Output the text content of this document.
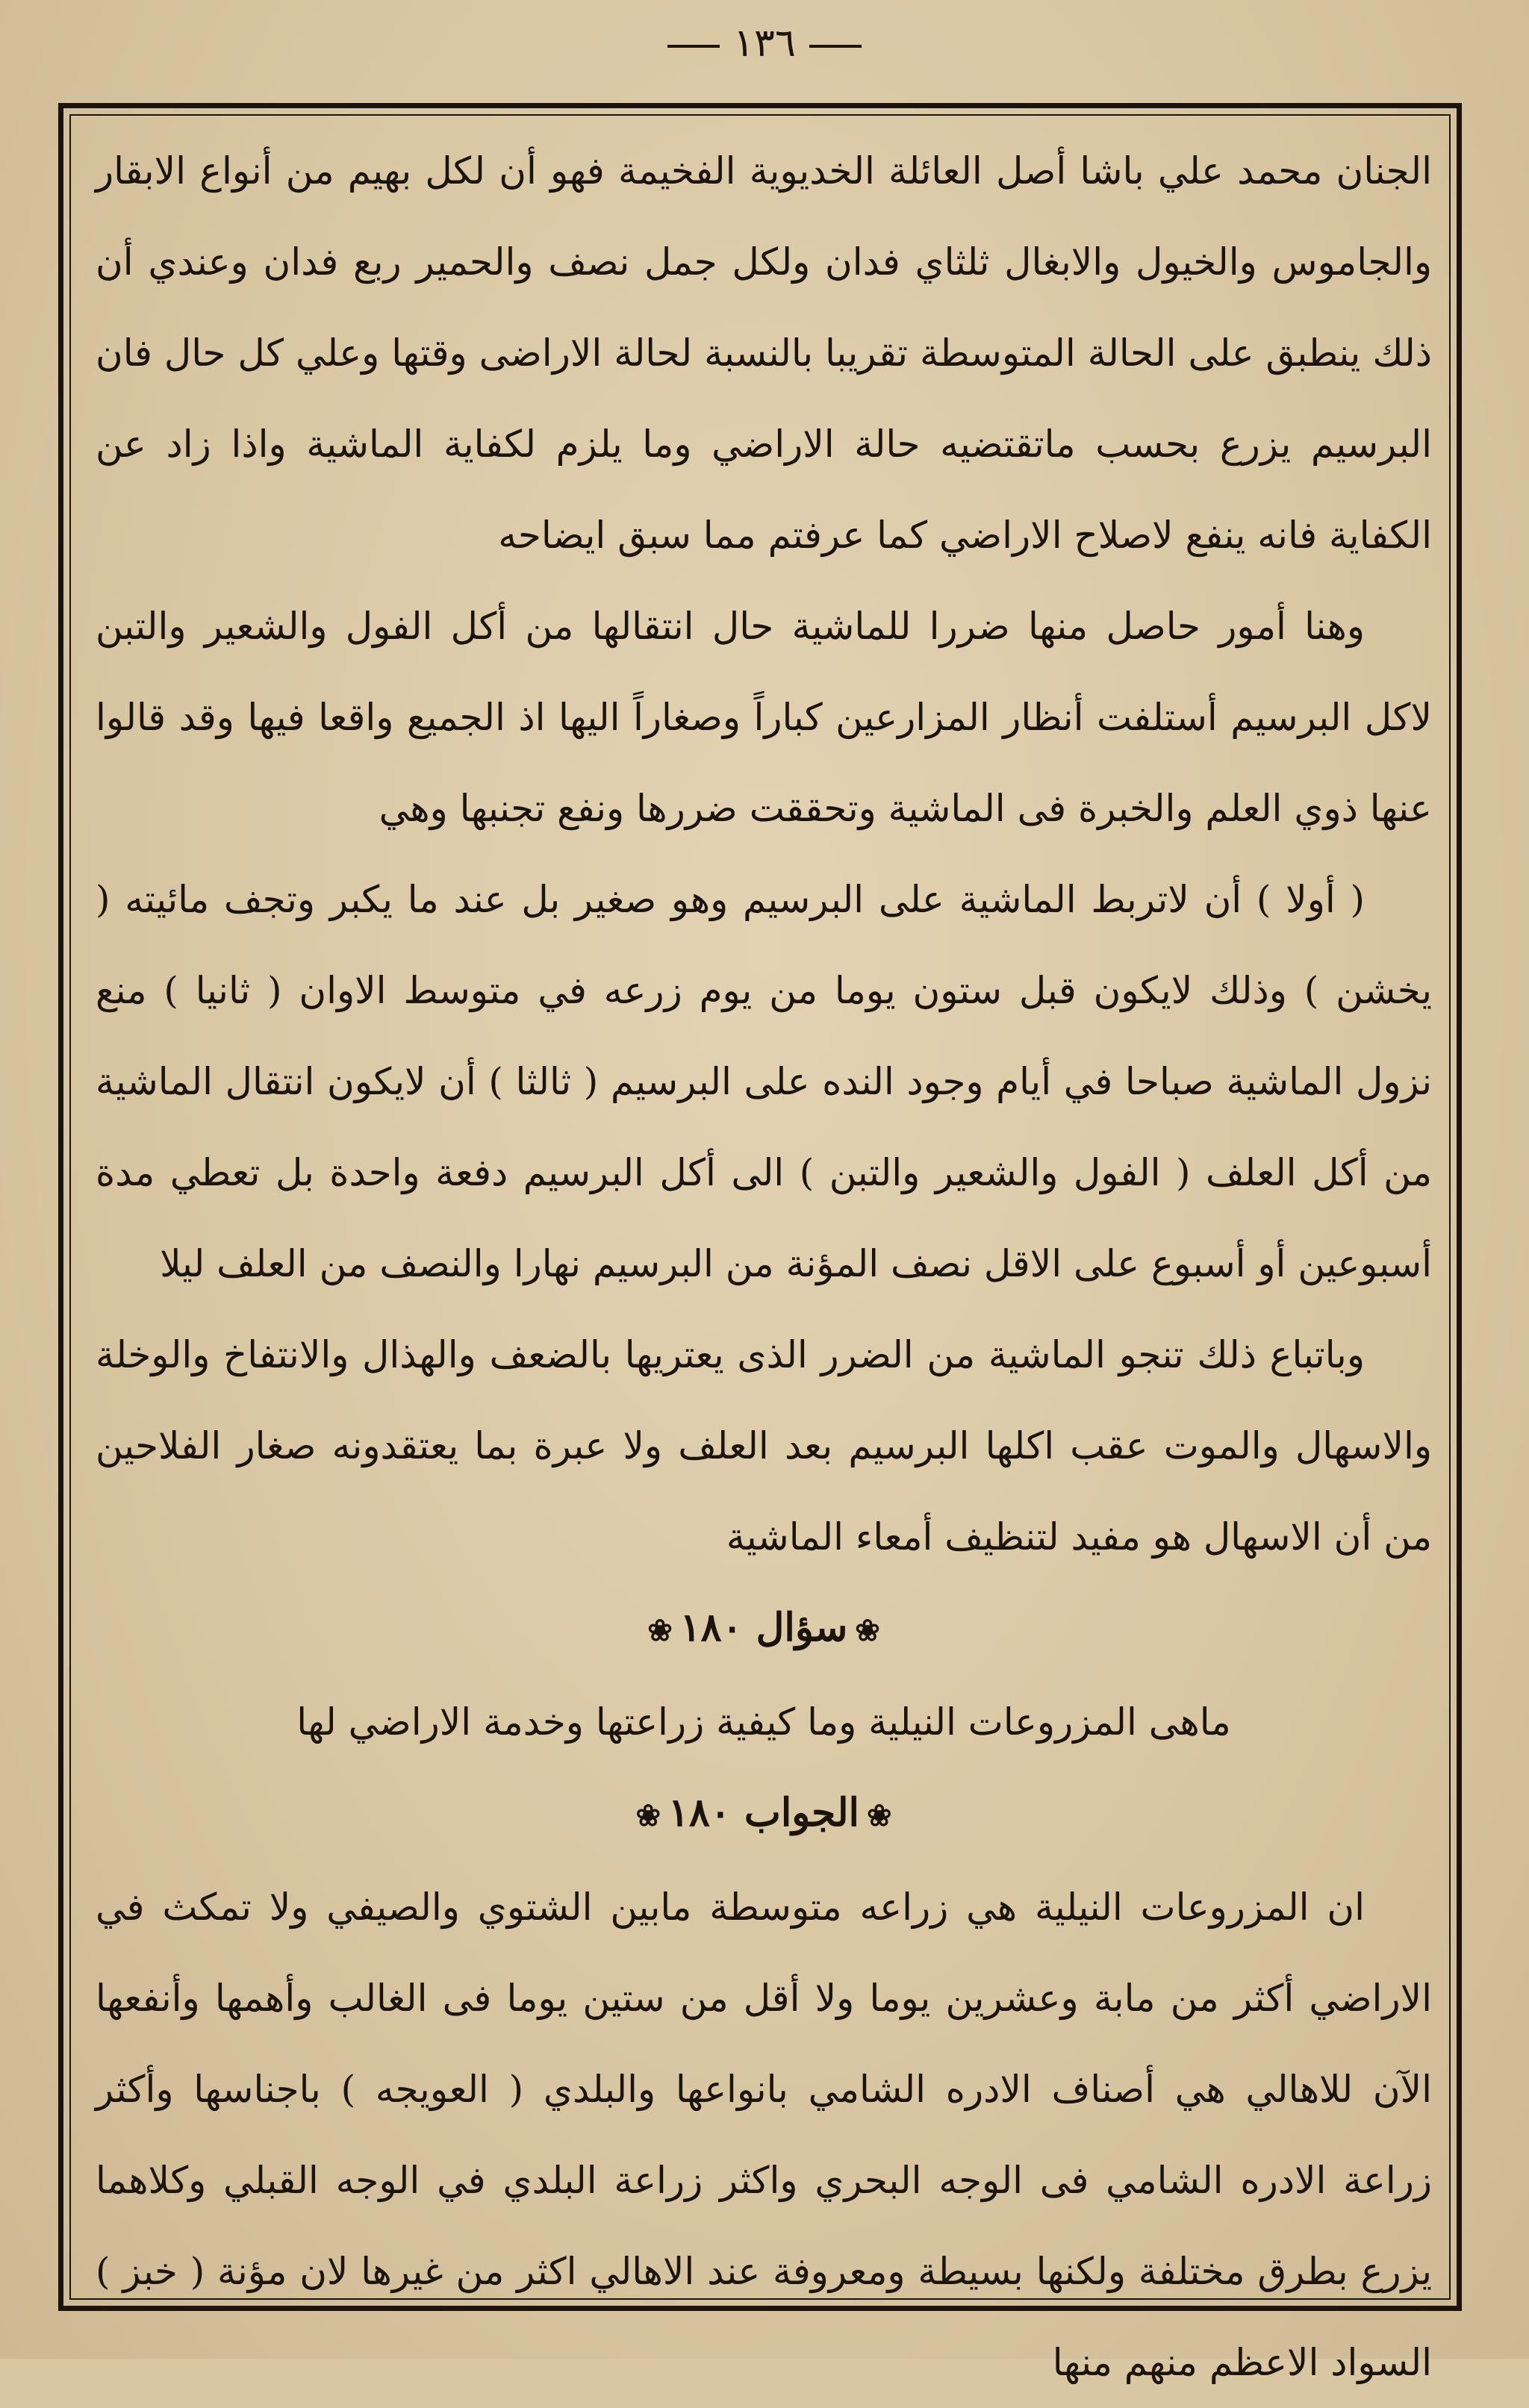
١٣٦

الجنان محمد علي باشا أصل العائلة الخديوية الفخيمة فهو أن لكل بهيم من أنواع الابقار والجاموس والخيول والابغال ثلثاي فدان ولكل جمل نصف والحمير ربع فدان وعندي أن ذلك ينطبق على الحالة المتوسطة تقريبا بالنسبة لحالة الاراضى وقتها وعلي كل حال فان البرسيم يزرع بحسب ماتقتضيه حالة الاراضي وما يلزم لكفاية الماشية واذا زاد عن الكفاية فانه ينفع لاصلاح الاراضي كما عرفتم مما سبق ايضاحه

وهنا أمور حاصل منها ضررا للماشية حال انتقالها من أكل الفول والشعير والتبن لاكل البرسيم أستلفت أنظار المزارعين كباراً وصغاراً اليها اذ الجميع واقعا فيها وقد قالوا عنها ذوي العلم والخبرة فى الماشية وتحققت ضررها ونفع تجنبها وهي

( أولا ) أن لاتربط الماشية على البرسيم وهو صغير بل عند ما يكبر وتجف مائيته ( يخشن ) وذلك لايكون قبل ستون يوما من يوم زرعه في متوسط الاوان ( ثانيا ) منع نزول الماشية صباحا في أيام وجود النده على البرسيم ( ثالثا ) أن لايكون انتقال الماشية من أكل العلف ( الفول والشعير والتبن ) الى أكل البرسيم دفعة واحدة بل تعطي مدة أسبوعين أو أسبوع على الاقل نصف المؤنة من البرسيم نهارا والنصف من العلف ليلا

وباتباع ذلك تنجو الماشية من الضرر الذى يعتريها بالضعف والهذال والانتفاخ والوخلة والاسهال والموت عقب اكلها البرسيم بعد العلف ولا عبرة بما يعتقدونه صغار الفلاحين من أن الاسهال هو مفيد لتنظيف أمعاء الماشية

❀سؤال ١٨٠❀

ماهى المزروعات النيلية وما كيفية زراعتها وخدمة الاراضي لها

❀الجواب ١٨٠❀

ان المزروعات النيلية هي زراعه متوسطة مابين الشتوي والصيفي ولا تمكث في الاراضي أكثر من مابة وعشرين يوما ولا أقل من ستين يوما فى الغالب وأهمها وأنفعها الآن للاهالي هي أصناف الادره الشامي بانواعها والبلدي ( العويجه ) باجناسها وأكثر زراعة الادره الشامي فى الوجه البحري واكثر زراعة البلدي في الوجه القبلي وكلاهما يزرع بطرق مختلفة ولكنها بسيطة ومعروفة عند الاهالي اكثر من غيرها لان مؤنة ( خبز ) السواد الاعظم منهم منها
